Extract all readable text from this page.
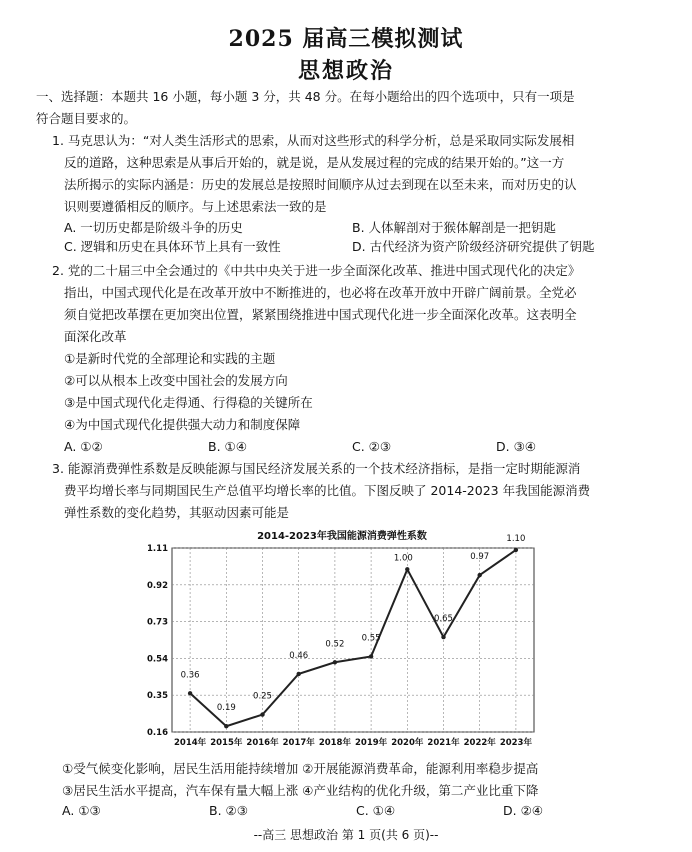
2025 届高三模拟测试
思想政治
一、选择题：本题共 16 小题，每小题 3 分，共 48 分。在每小题给出的四个选项中，只有一项是
符合题目要求的。
1. 马克思认为：“对人类生活形式的思索，从而对这些形式的科学分析，总是采取同实际发展相
反的道路，这种思索是从事后开始的，就是说，是从发展过程的完成的结果开始的。”这一方
法所揭示的实际内涵是：历史的发展总是按照时间顺序从过去到现在以至未来，而对历史的认
识则要遵循相反的顺序。与上述思索法一致的是
A. 一切历史都是阶级斗争的历史	B. 人体解剖对于猴体解剖是一把钥匙
C. 逻辑和历史在具体环节上具有一致性	D. 古代经济为资产阶级经济研究提供了钥匙
2. 党的二十届三中全会通过的《中共中央关于进一步全面深化改革、推进中国式现代化的决定》
指出，中国式现代化是在改革开放中不断推进的，也必将在改革开放中开辟广阔前景。全党必
须自觉把改革摆在更加突出位置，紧紧围绕推进中国式现代化进一步全面深化改革。这表明全
面深化改革
①是新时代党的全部理论和实践的主题
②可以从根本上改变中国社会的发展方向
③是中国式现代化走得通、行得稳的关键所在
④为中国式现代化提供强大动力和制度保障
A. ①②	B. ①④	C. ②③	D. ③④
3. 能源消费弹性系数是反映能源与国民经济发展关系的一个技术经济指标，是指一定时期能源消
费平均增长率与同期国民生产总值平均增长率的比值。下图反映了 2014-2023 年我国能源消费
弹性系数的变化趋势，其驱动因素可能是
2014-2023年我国能源消费弹性系数
0.16
0.35
0.54
0.73
0.92
1.11
2014年 2015年 2016年 2017年 2018年 2019年 2020年 2021年 2022年 2023年
0.36
0.19
0.25
0.46
0.52
0.55
1.00
0.65
0.97
1.10
①受气候变化影响，居民生活用能持续增加 ②开展能源消费革命，能源利用率稳步提高
③居民生活水平提高，汽车保有量大幅上涨 ④产业结构的优化升级，第二产业比重下降
A. ①③	B. ②③	C. ①④	D. ②④
--高三 思想政治 第 1 页(共 6 页)--
